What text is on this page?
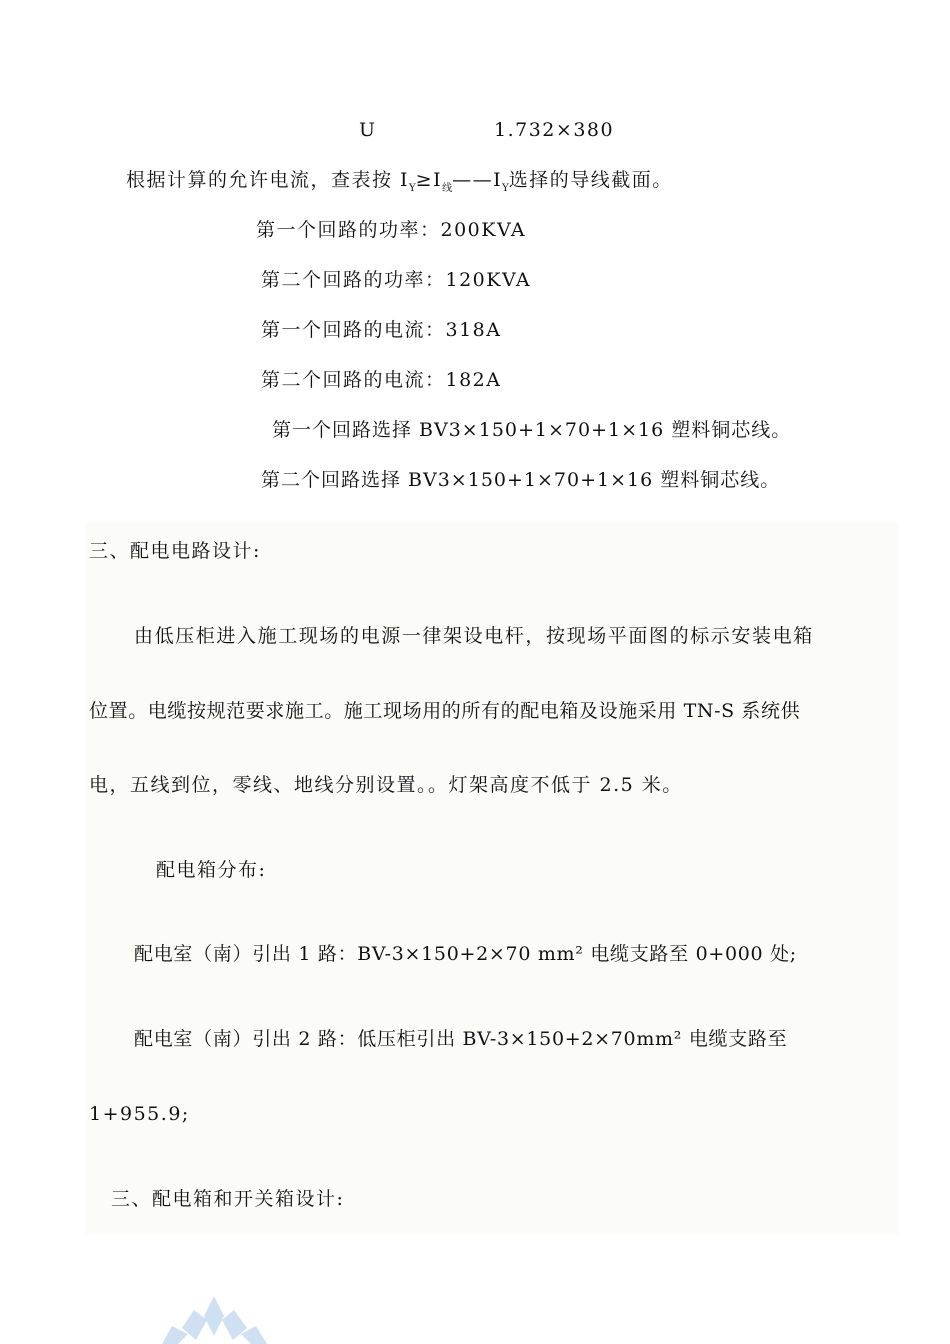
U	1.732×380
根据计算的允许电流，查表按 $I_Y\ge I_线——I_Y$选择的导线截面。
第一个回路的功率：200KVA
第二个回路的功率：120KVA
第一个回路的电流：318A
第二个回路的电流：182A
第一个回路选择 BV3×150+1×70+1×16 塑料铜芯线。
第二个回路选择 BV3×150+1×70+1×16 塑料铜芯线。
三、配电电路设计:
由低压柜进入施工现场的电源一律架设电杆，按现场平面图的标示安装电箱
位置。电缆按规范要求施工。施工现场用的所有的配电箱及设施采用 TN-S 系统供
电，五线到位，零线、地线分别设置。。灯架高度不低于 2.5 米。
配电箱分布:
配电室（南）引出 1 路：BV-3×150+2×70 mm² 电缆支路至 0+000 处;
配电室（南）引出 2 路：低压柜引出 BV-3×150+2×70mm² 电缆支路至
1+955.9;
三、配电箱和开关箱设计:
